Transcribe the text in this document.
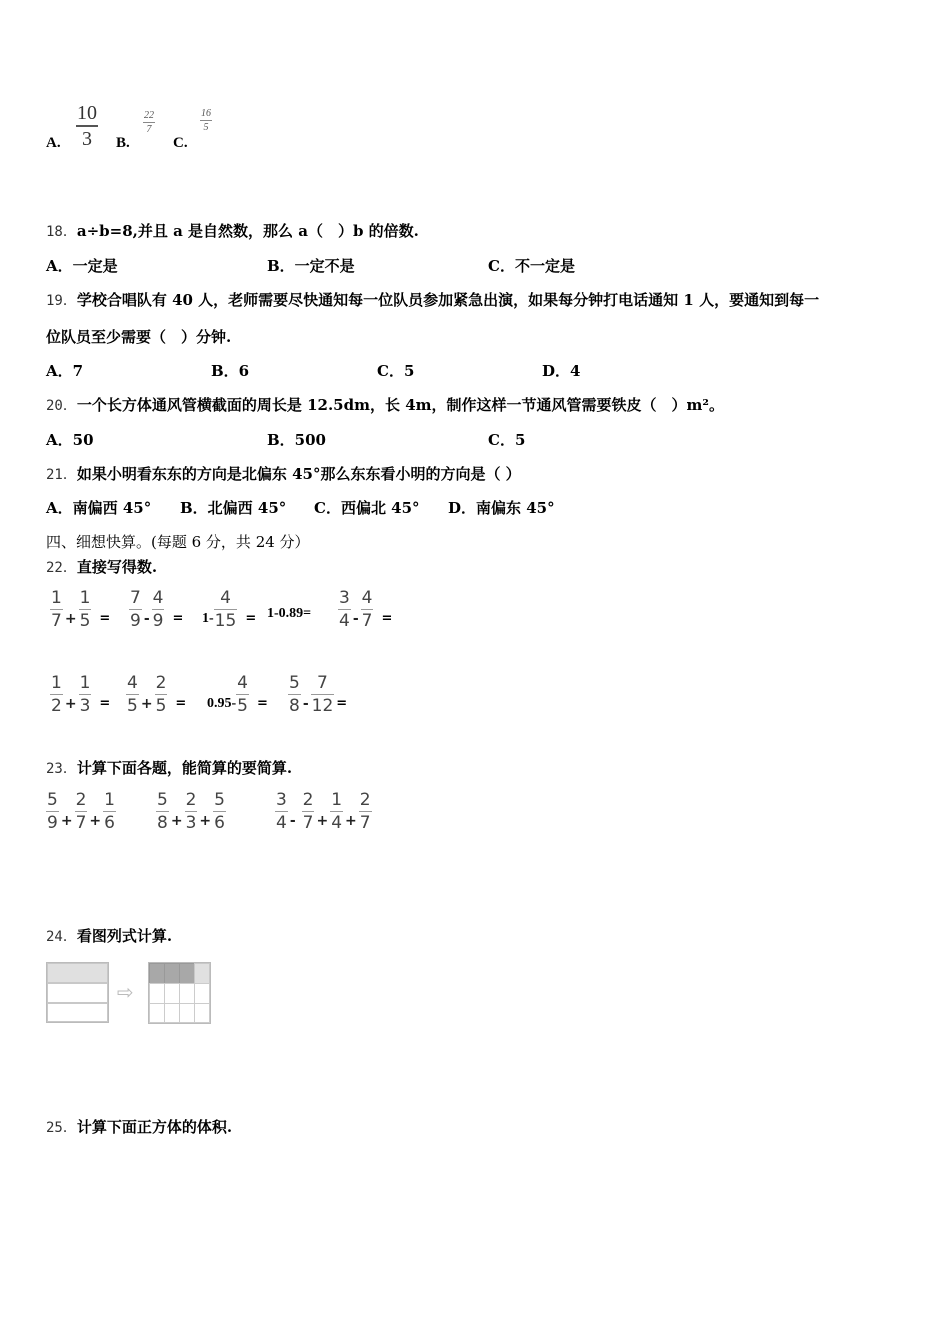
A.
10
3 B.
22
7
C.
16
5
18．a÷b=8,并且 a 是自然数，那么 a（　）b 的倍数.
A．一定是	B．一定不是	C．不一定是
19．学校合唱队有 40 人，老师需要尽快通知每一位队员参加紧急出演，如果每分钟打电话通知 1 人，要通知到每一
位队员至少需要（　）分钟.
A．7	B．6	C．5	D．4
20．一个长方体通风管横截面的周长是 12.5dm，长 4m，制作这样一节通风管需要铁皮（　）m²。
A．50	B．500	C．5
21．如果小明看东东的方向是北偏东 45°那么东东看小明的方向是（ ）
A．南偏西 45° B．北偏西 45° C．西偏北 45° D．南偏东 45°
四、细想快算。(每题 6 分，共 24 分）
22．直接写得数.
$\frac{1}{7} + \frac{1}{5} = \frac{7}{9} - \frac{4}{9} = 1- \frac{4}{15} = 1-0.89= \frac{3}{4} - \frac{4}{7}$ =
$\frac{1}{2} + \frac{1}{3} = \frac{4}{5} + \frac{2}{5} = 0.95- \frac{4}{5} = \frac{5}{8} - \frac{7}{12}$ =
23．计算下面各题，能简算的要简算.
$\frac{5}{9} + \frac{2}{7} + \frac{1}{6} \frac{5}{8} + \frac{2}{3} + \frac{5}{6}$	$\frac{3}{4} - \frac{2}{7} + \frac{1}{4} + \frac{2}{7}$
24．看图列式计算.
⇨
25．计算下面正方体的体积.
